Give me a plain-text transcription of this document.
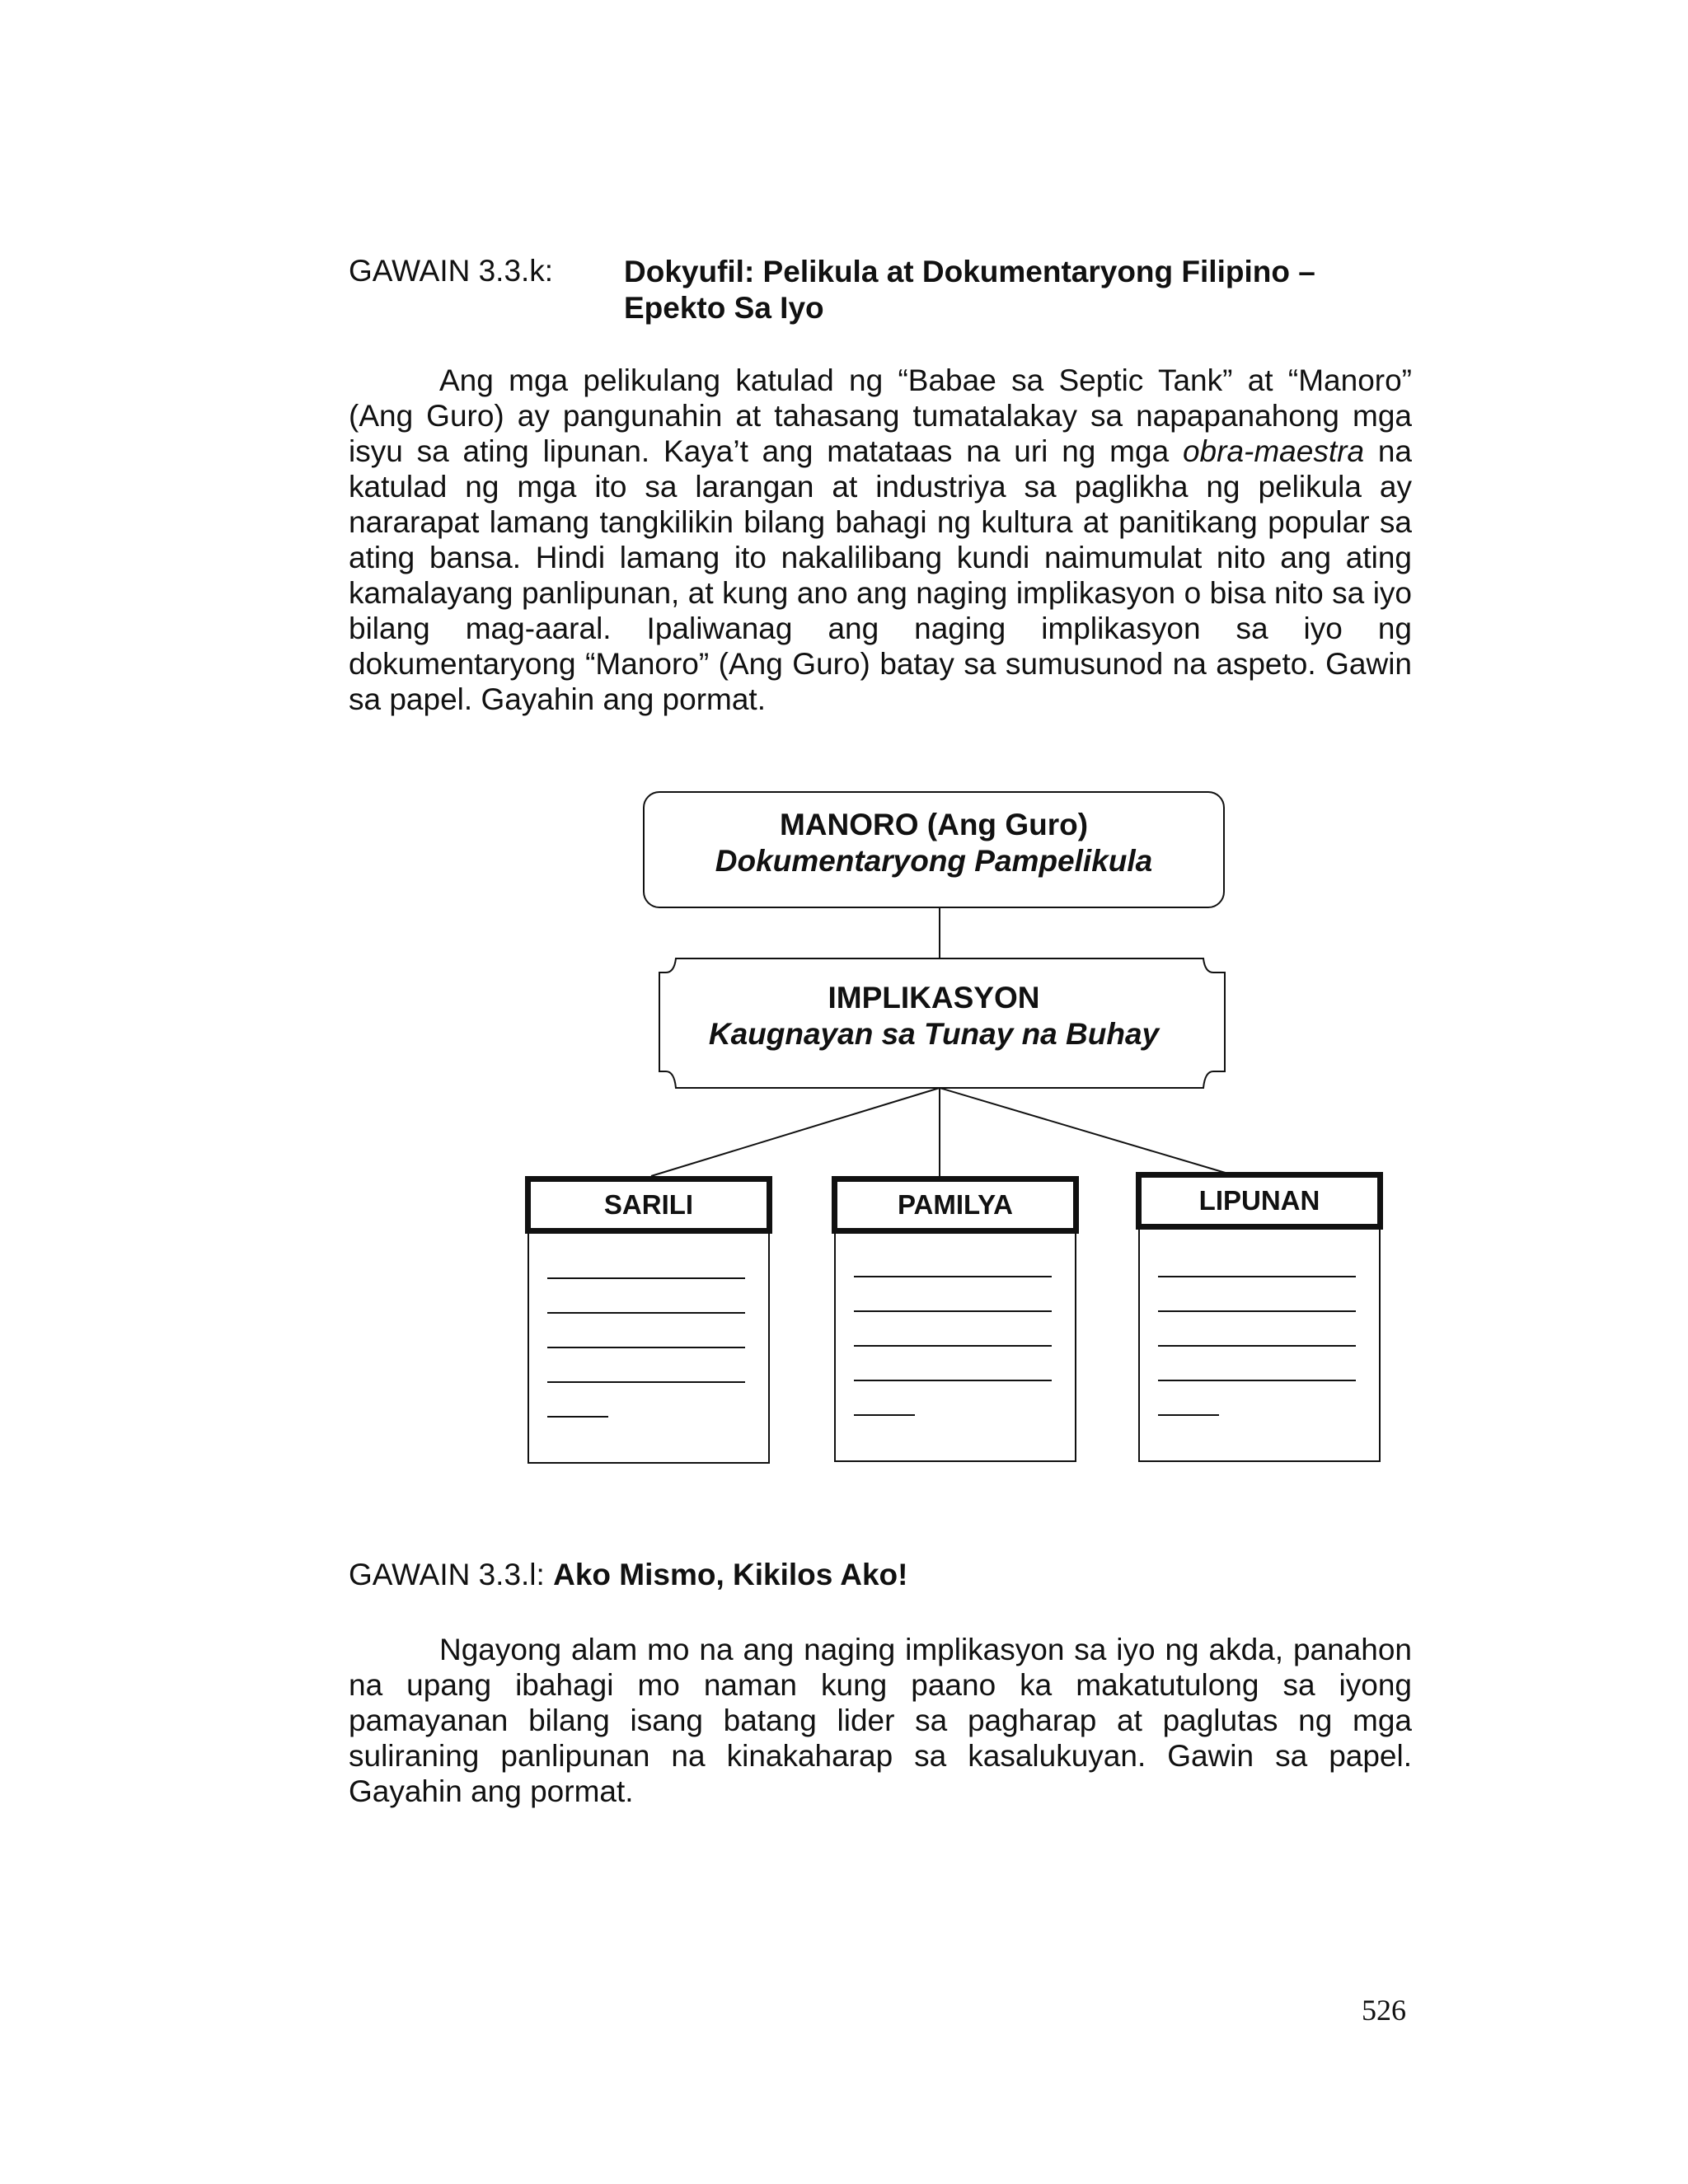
GAWAIN 3.3.k: Dokyufil: Pelikula at Dokumentaryong Filipino –
Epekto Sa Iyo
Ang mga pelikulang katulad ng “Babae sa Septic Tank” at “Manoro” (Ang Guro) ay pangunahin at tahasang tumatalakay sa napapanahong mga isyu sa ating lipunan. Kaya’t ang matataas na uri ng mga obra-maestra na katulad ng mga ito sa larangan at industriya sa paglikha ng pelikula ay nararapat lamang tangkilikin bilang bahagi ng kultura at panitikang popular sa ating bansa. Hindi lamang ito nakalilibang kundi naimumulat nito ang ating kamalayang panlipunan, at kung ano ang naging implikasyon o bisa nito sa iyo bilang mag-aaral. Ipaliwanag ang naging implikasyon sa iyo ng dokumentaryong “Manoro” (Ang Guro) batay sa sumusunod na aspeto. Gawin sa papel. Gayahin ang pormat.
MANORO (Ang Guro)
Dokumentaryong Pampelikula
IMPLIKASYON
Kaugnayan sa Tunay na Buhay
SARILI	PAMILYA	LIPUNAN
GAWAIN 3.3.l: Ako Mismo, Kikilos Ako!
Ngayong alam mo na ang naging implikasyon sa iyo ng akda, panahon na upang ibahagi mo naman kung paano ka makatutulong sa iyong pamayanan bilang isang batang lider sa pagharap at paglutas ng mga suliraning panlipunan na kinakaharap sa kasalukuyan. Gawin sa papel. Gayahin ang pormat.
526
